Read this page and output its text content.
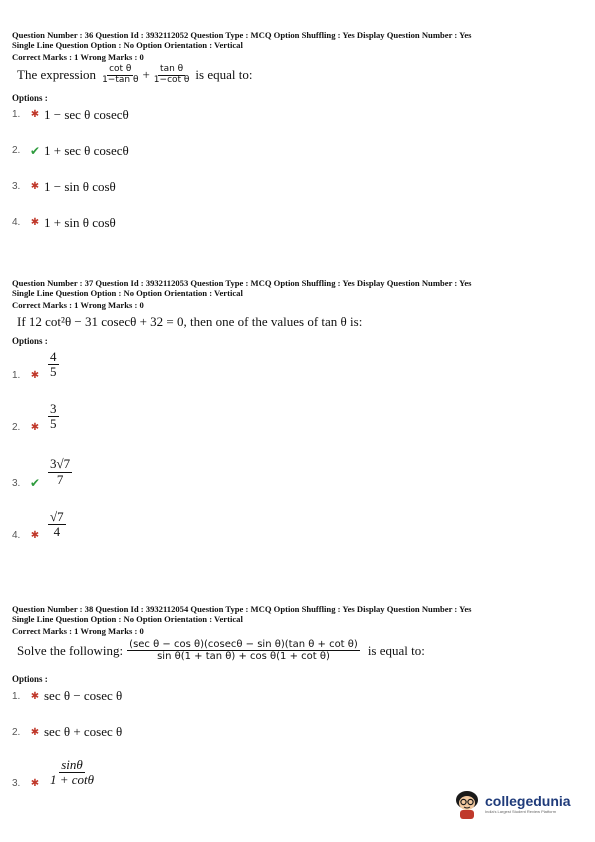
Question Number : 36 Question Id : 3932112052 Question Type : MCQ Option Shuffling : Yes Display Question Number : Yes
Single Line Question Option : No Option Orientation : Vertical
Correct Marks : 1 Wrong Marks : 0
The expression $\frac{\text{cot θ}}{\text{1−tan θ}} + \frac{\text{tan θ}}{\text{1−cot θ}}$ is equal to:
Options :
1.	✱ 1 − sec θ cosecθ
2. ✔ 1 + sec θ cosecθ
3.	✱ 1 − sin θ cosθ
4.	✱ 1 + sin θ cosθ
Question Number : 37 Question Id : 3932112053 Question Type : MCQ Option Shuffling : Yes Display Question Number : Yes
Single Line Question Option : No Option Orientation : Vertical
Correct Marks : 1 Wrong Marks : 0
If 12 cot²θ − 31 cosecθ + 32 = 0, then one of the values of tan θ is:
Options :
1.	✱ $\frac{4}{5}$
2.	✱ $\frac{3}{5}$
3. ✔ $\frac{3√7}{7}$
4.	✱ $\frac{√7}{4}$
Question Number : 38 Question Id : 3932112054 Question Type : MCQ Option Shuffling : Yes Display Question Number : Yes
Single Line Question Option : No Option Orientation : Vertical
Correct Marks : 1 Wrong Marks : 0
Solve the following: $\frac{\text{(sec θ − cos θ)(cosecθ − sin θ)(tan θ + cot θ)}}{\text{sin θ(1 + tan θ) + cos θ(1 + cot θ)}}$ is equal to:
Options :
1.	✱ sec θ − cosec θ
2.	✱ sec θ + cosec θ
3.	✱ $\frac{\sin\theta}{1 + \cot\theta}$
collegedunia
India's Largest Student Review Platform
